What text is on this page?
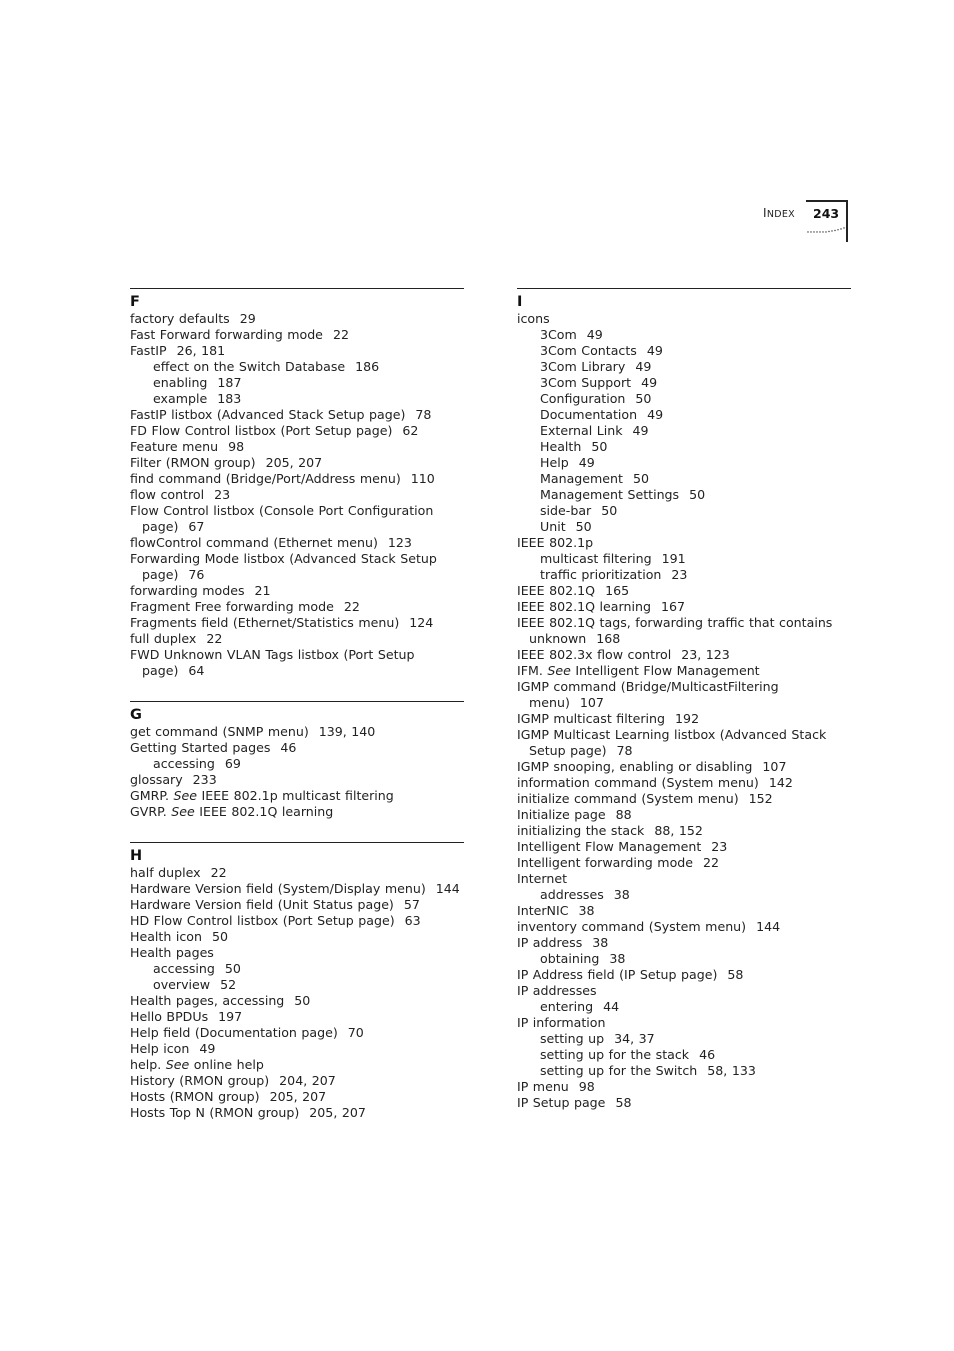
INDEX 243
F
factory defaults 29
Fast Forward forwarding mode 22
FastIP 26, 181
effect on the Switch Database 186
enabling 187
example 183
FastIP listbox (Advanced Stack Setup page) 78
FD Flow Control listbox (Port Setup page) 62
Feature menu 98
Filter (RMON group) 205, 207
find command (Bridge/Port/Address menu) 110
flow control 23
Flow Control listbox (Console Port Configuration page) 67
flowControl command (Ethernet menu) 123
Forwarding Mode listbox (Advanced Stack Setup page) 76
forwarding modes 21
Fragment Free forwarding mode 22
Fragments field (Ethernet/Statistics menu) 124
full duplex 22
FWD Unknown VLAN Tags listbox (Port Setup page) 64
G
get command (SNMP menu) 139, 140
Getting Started pages 46
accessing 69
glossary 233
GMRP. See IEEE 802.1p multicast filtering
GVRP. See IEEE 802.1Q learning
H
half duplex 22
Hardware Version field (System/Display menu) 144
Hardware Version field (Unit Status page) 57
HD Flow Control listbox (Port Setup page) 63
Health icon 50
Health pages
accessing 50
overview 52
Health pages, accessing 50
Hello BPDUs 197
Help field (Documentation page) 70
Help icon 49
help. See online help
History (RMON group) 204, 207
Hosts (RMON group) 205, 207
Hosts Top N (RMON group) 205, 207
I
icons
3Com 49
3Com Contacts 49
3Com Library 49
3Com Support 49
Configuration 50
Documentation 49
External Link 49
Health 50
Help 49
Management 50
Management Settings 50
side-bar 50
Unit 50
IEEE 802.1p
multicast filtering 191
traffic prioritization 23
IEEE 802.1Q 165
IEEE 802.1Q learning 167
IEEE 802.1Q tags, forwarding traffic that contains unknown 168
IEEE 802.3x flow control 23, 123
IFM. See Intelligent Flow Management
IGMP command (Bridge/MulticastFiltering menu) 107
IGMP multicast filtering 192
IGMP Multicast Learning listbox (Advanced Stack Setup page) 78
IGMP snooping, enabling or disabling 107
information command (System menu) 142
initialize command (System menu) 152
Initialize page 88
initializing the stack 88, 152
Intelligent Flow Management 23
Intelligent forwarding mode 22
Internet
addresses 38
InterNIC 38
inventory command (System menu) 144
IP address 38
obtaining 38
IP Address field (IP Setup page) 58
IP addresses
entering 44
IP information
setting up 34, 37
setting up for the stack 46
setting up for the Switch 58, 133
IP menu 98
IP Setup page 58
